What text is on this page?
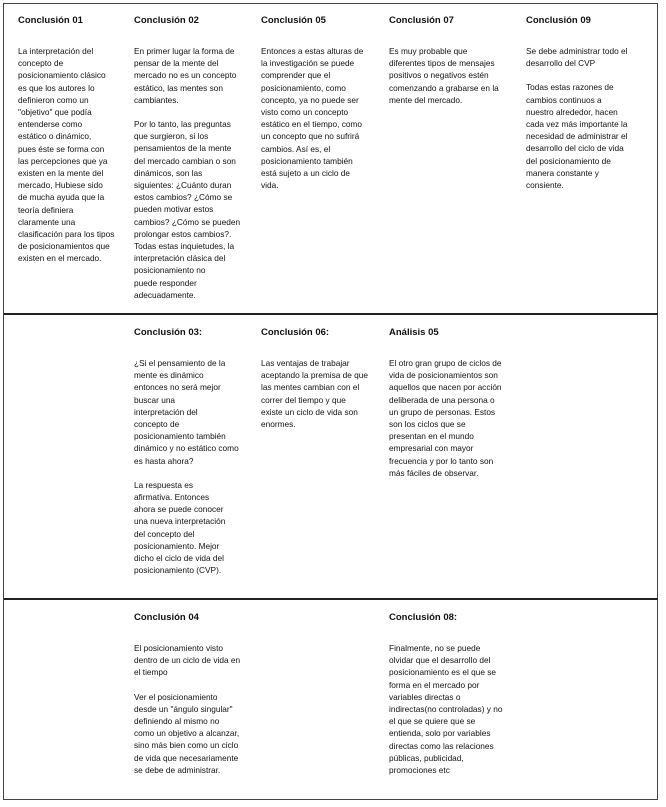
Conclusión 01
La interpretación del
concepto de
posicionamiento clásico
es que los autores lo
definieron como un
"objetivo" que podía
entenderse como
estático o dinámico,
pues éste se forma con
las percepciones que ya
existen en la mente del
mercado, Hubiese sido
de mucha ayuda que la
teoría definiera
claramente una
clasificación para los tipos
de posicionamientos que
existen en el mercado.
Conclusión 02
En primer lugar la forma de
pensar de la mente del
mercado no es un concepto
estático, las mentes son
cambiantes.
Por lo tanto, las preguntas
que surgieron, si los
pensamientos de la mente
del mercado cambian o son
dinámicos, son las
siguientes: ¿Cuánto duran
estos cambios? ¿Cómo se
pueden motivar estos
cambios? ¿Cómo se pueden
prolongar estos cambios?.
Todas estas inquietudes, la
interpretación clásica del
posicionamiento no
puede responder
adecuadamente.
Conclusión 05
Entonces a estas alturas de
la investigación se puede
comprender que el
posicionamiento, como
concepto, ya no puede ser
visto como un concepto
estático en el tiempo, como
un concepto que no sufrirá
cambios. Así es, el
posicionamiento también
está sujeto a un ciclo de
vida.
Conclusión 07
Es muy probable que
diferentes tipos de mensajes
positivos o negativos estén
comenzando a grabarse en la
mente del mercado.
Conclusión 09
Se debe administrar todo el
desarrollo del CVP
Todas estas razones de
cambios continuos a
nuestro alrededor, hacen
cada vez más importante la
necesidad de administrar el
desarrollo del ciclo de vida
del posicionamiento de
manera constante y
consiente.
Conclusión 03:
¿Si el pensamiento de la
mente es dinámico
entonces no será mejor
buscar una
interpretación del
concepto de
posicionamiento también
dinámico y no estático como
es hasta ahora?
La respuesta es
afirmativa. Entonces
ahora se puede conocer
una nueva interpretación
del concepto del
posicionamiento. Mejor
dicho el ciclo de vida del
posicionamiento (CVP).
Conclusión 06:
Las ventajas de trabajar
aceptando la premisa de que
las mentes cambian con el
correr del tiempo y que
existe un ciclo de vida son
enormes.
Análisis 05
El otro gran grupo de ciclos de
vida de posicionamientos son
aquellos que nacen por acción
deliberada de una persona o
un grupo de personas. Estos
son los ciclos que se
presentan en el mundo
empresarial con mayor
frecuencia y por lo tanto son
más fáciles de observar.
Conclusión 04
El posicionamiento visto
dentro de un ciclo de vida en
el tiempo
Ver el posicionamiento
desde un "ángulo singular"
definiendo al mismo no
como un objetivo a alcanzar,
sino más bien como un ciclo
de vida que necesariamente
se debe de administrar.
Conclusión 08:
Finalmente, no se puede
olvidar que el desarrollo del
posicionamiento es el que se
forma en el mercado por
variables directas o
indirectas(no controladas) y no
el que se quiere que se
entienda, solo por variables
directas como las relaciones
públicas, publicidad,
promociones etc
